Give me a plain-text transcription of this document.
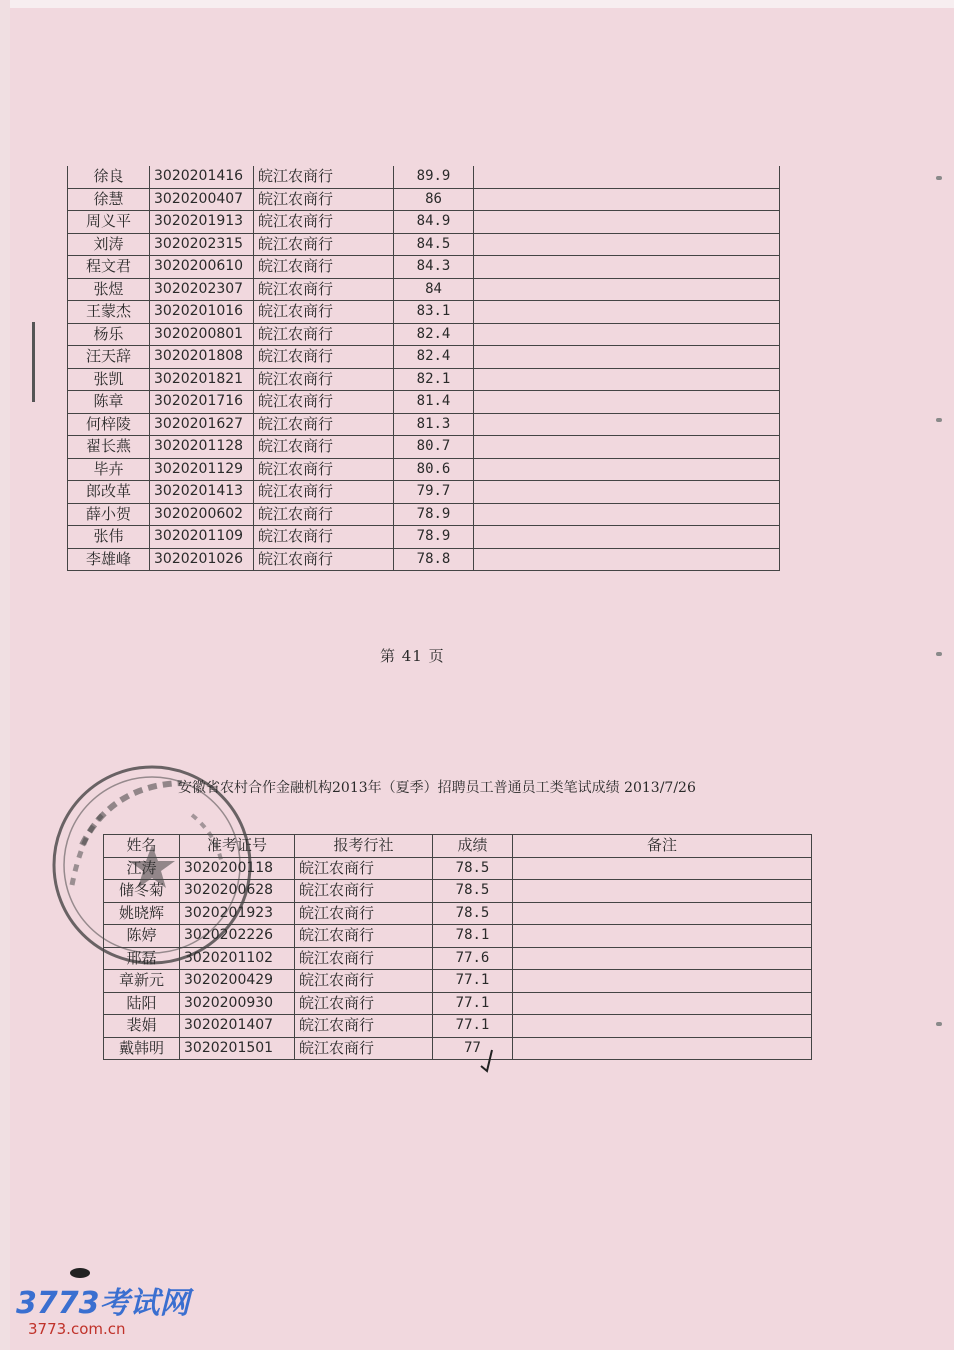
徐良	3020201416	皖江农商行	89.9	
徐慧	3020200407	皖江农商行	86	
周义平	3020201913	皖江农商行	84.9	
刘涛	3020202315	皖江农商行	84.5	
程文君	3020200610	皖江农商行	84.3	
张煜	3020202307	皖江农商行	84	
王蒙杰	3020201016	皖江农商行	83.1	
杨乐	3020200801	皖江农商行	82.4	
汪天辞	3020201808	皖江农商行	82.4	
张凯	3020201821	皖江农商行	82.1	
陈章	3020201716	皖江农商行	81.4	
何梓陵	3020201627	皖江农商行	81.3	
翟长燕	3020201128	皖江农商行	80.7	
毕卉	3020201129	皖江农商行	80.6	
郎改革	3020201413	皖江农商行	79.7	
薛小贺	3020200602	皖江农商行	78.9	
张伟	3020201109	皖江农商行	78.9	
李雄峰	3020201026	皖江农商行	78.8	
第 41 页
安徽省农村合作金融机构2013年（夏季）招聘员工普通员工类笔试成绩 2013/7/26
姓名	准考证号	报考行社	成绩	备注
江涛	3020200118	皖江农商行	78.5	
储冬菊	3020200628	皖江农商行	78.5	
姚晓辉	3020201923	皖江农商行	78.5	
陈婷	3020202226	皖江农商行	78.1	
邢磊	3020201102	皖江农商行	77.6	
章新元	3020200429	皖江农商行	77.1	
陆阳	3020200930	皖江农商行	77.1	
裴娟	3020201407	皖江农商行	77.1	
戴韩明	3020201501	皖江农商行	77	
3773考试网
3773.com.cn
